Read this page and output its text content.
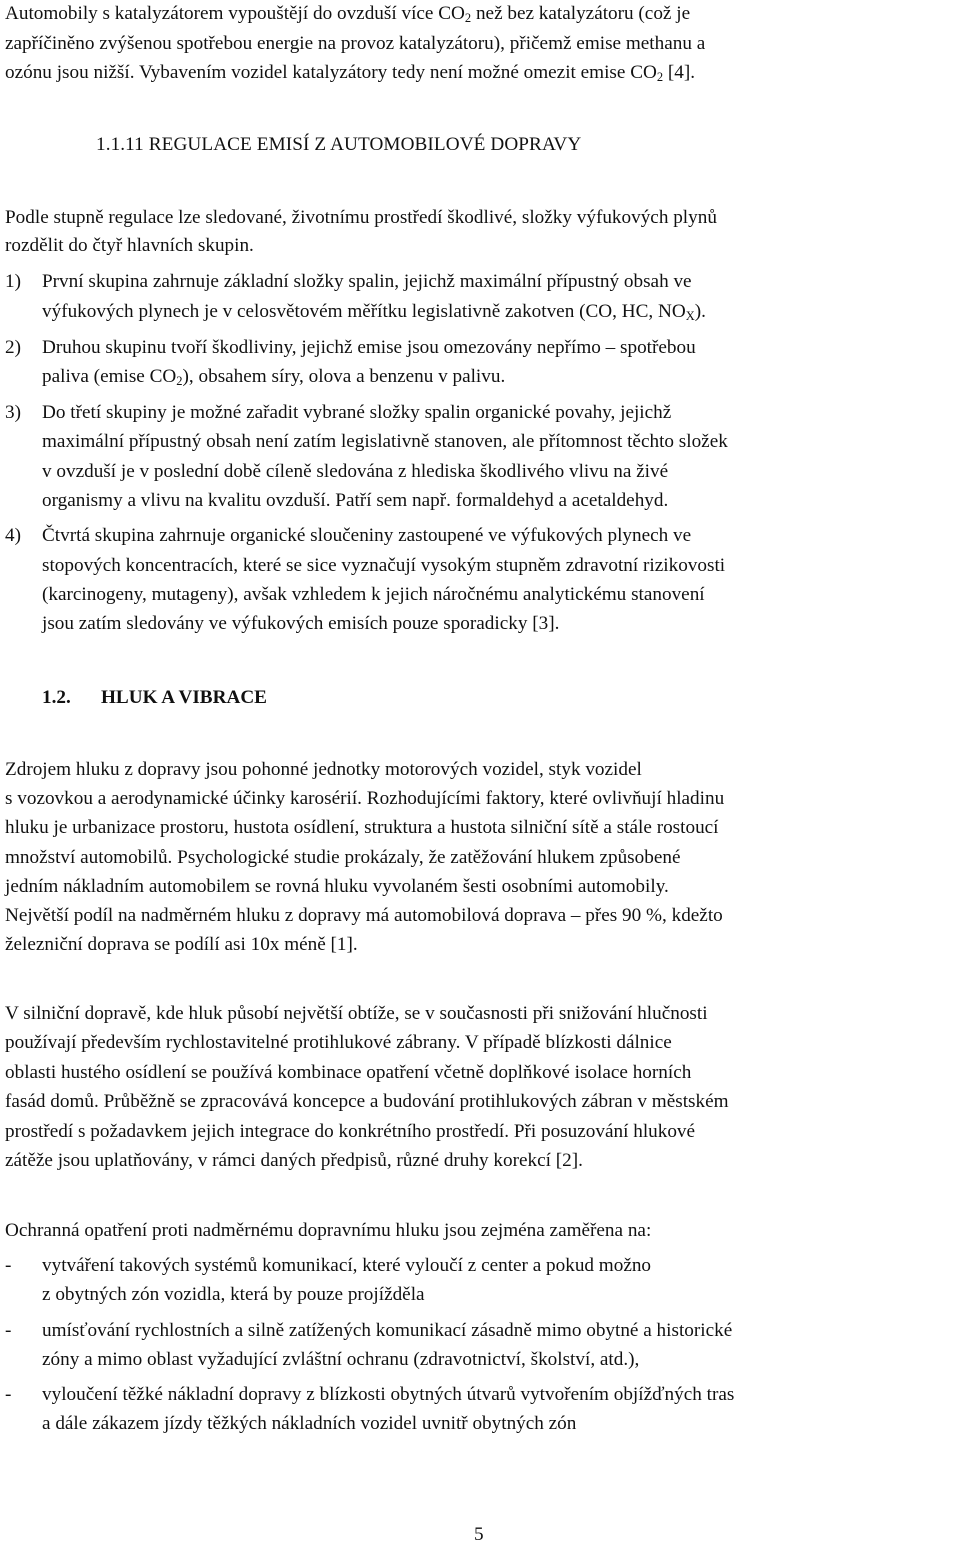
Automobily s katalyzátorem vypouštějí do ovzduší více $CO_2$ než bez katalyzátoru (což je
zapříčiněno zvýšenou spotřebou energie na provoz katalyzátoru), přičemž emise methanu a
ozónu jsou nižší. Vybavením vozidel katalyzátory tedy není možné omezit emise $CO_2$ [4].
1.1.11 REGULACE EMISÍ Z AUTOMOBILOVÉ DOPRAVY
Podle stupně regulace lze sledované, životnímu prostředí škodlivé, složky výfukových plynů
rozdělit do čtyř hlavních skupin.
1) První skupina zahrnuje základní složky spalin, jejichž maximální přípustný obsah ve
výfukových plynech je v celosvětovém měřítku legislativně zakotven (CO, HC, $NO_X$).
2) Druhou skupinu tvoří škodliviny, jejichž emise jsou omezovány nepřímo – spotřebou
paliva (emise $CO_2$), obsahem síry, olova a benzenu v palivu.
3) Do třetí skupiny je možné zařadit vybrané složky spalin organické povahy, jejichž
maximální přípustný obsah není zatím legislativně stanoven, ale přítomnost těchto složek
v ovzduší je v poslední době cíleně sledována z hlediska škodlivého vlivu na živé
organismy a vlivu na kvalitu ovzduší. Patří sem např. formaldehyd a acetaldehyd.
4) Čtvrtá skupina zahrnuje organické sloučeniny zastoupené ve výfukových plynech ve
stopových koncentracích, které se sice vyznačují vysokým stupněm zdravotní rizikovosti
(karcinogeny, mutageny), avšak vzhledem k jejich náročnému analytickému stanovení
jsou zatím sledovány ve výfukových emisích pouze sporadicky [3].
1.2. HLUK A VIBRACE
Zdrojem hluku z dopravy jsou pohonné jednotky motorových vozidel, styk vozidel
s vozovkou a aerodynamické účinky karosérií. Rozhodujícími faktory, které ovlivňují hladinu
hluku je urbanizace prostoru, hustota osídlení, struktura a hustota silniční sítě a stále rostoucí
množství automobilů. Psychologické studie prokázaly, že zatěžování hlukem způsobené
jedním nákladním automobilem se rovná hluku vyvolaném šesti osobními automobily.
Největší podíl na nadměrném hluku z dopravy má automobilová doprava – přes 90 %, kdežto
železniční doprava se podílí asi 10x méně [1].
V silniční dopravě, kde hluk působí největší obtíže, se v současnosti při snižování hlučnosti
používají především rychlostavitelné protihlukové zábrany. V případě blízkosti dálnice
oblasti hustého osídlení se používá kombinace opatření včetně doplňkové isolace horních
fasád domů. Průběžně se zpracovává koncepce a budování protihlukových zábran v městském
prostředí s požadavkem jejich integrace do konkrétního prostředí. Při posuzování hlukové
zátěže jsou uplatňovány, v rámci daných předpisů, různé druhy korekcí [2].
Ochranná opatření proti nadměrnému dopravnímu hluku jsou zejména zaměřena na:
- vytváření takových systémů komunikací, které vyloučí z center a pokud možno
z obytných zón vozidla, která by pouze projížděla
- umísťování rychlostních a silně zatížených komunikací zásadně mimo obytné a historické
zóny a mimo oblast vyžadující zvláštní ochranu (zdravotnictví, školství, atd.),
- vyloučení těžké nákladní dopravy z blízkosti obytných útvarů vytvořením objížďných tras
a dále zákazem jízdy těžkých nákladních vozidel uvnitř obytných zón
5
